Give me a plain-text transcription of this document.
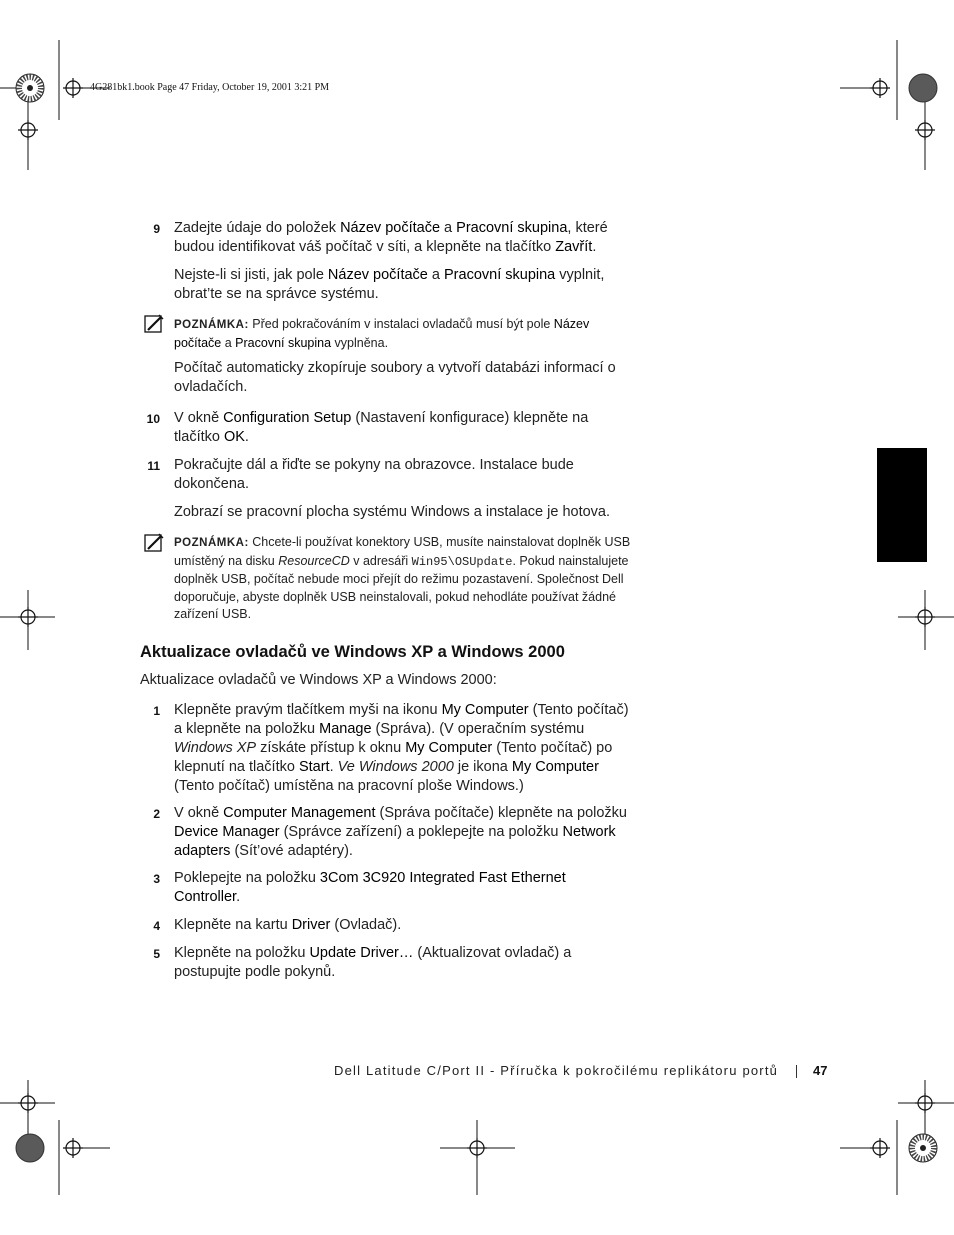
4G281bk1.book Page 47 Friday, October 19, 2001 3:21 PM
9 Zadejte údaje do položek Název počítače a Pracovní skupina, které budou identifikovat váš počítač v síti, a klepněte na tlačítko Zavřít.
Nejste-li si jisti, jak pole Název počítače a Pracovní skupina vyplnit, obrat’te se na správce systému.
POZNÁMKA: Před pokračováním v instalaci ovladačů musí být pole Název počítače a Pracovní skupina vyplněna.
Počítač automaticky zkopíruje soubory a vytvoří databázi informací o ovladačích.
10 V okně Configuration Setup (Nastavení konfigurace) klepněte na tlačítko OK.
11 Pokračujte dál a řiďte se pokyny na obrazovce. Instalace bude dokončena.
Zobrazí se pracovní plocha systému Windows a instalace je hotova.
POZNÁMKA: Chcete-li používat konektory USB, musíte nainstalovat doplněk USB umístěný na disku ResourceCD v adresáři Win95\OSUpdate. Pokud nainstalujete doplněk USB, počítač nebude moci přejít do režimu pozastavení. Společnost Dell doporučuje, abyste doplněk USB neinstalovali, pokud nehodláte používat žádné zařízení USB.
Aktualizace ovladačů ve Windows XP a Windows 2000
Aktualizace ovladačů ve Windows XP a Windows 2000:
1 Klepněte pravým tlačítkem myši na ikonu My Computer (Tento počítač) a klepněte na položku Manage (Správa). (V operačním systému Windows XP získáte přístup k oknu My Computer (Tento počítač) po klepnutí na tlačítko Start. Ve Windows 2000 je ikona My Computer (Tento počítač) umístěna na pracovní ploše Windows.)
2 V okně Computer Management (Správa počítače) klepněte na položku Device Manager (Správce zařízení) a poklepejte na položku Network adapters (Sít’ové adaptéry).
3 Poklepejte na položku 3Com 3C920 Integrated Fast Ethernet Controller.
4 Klepněte na kartu Driver (Ovladač).
5 Klepněte na položku Update Driver… (Aktualizovat ovladač) a postupujte podle pokynů.
Dell Latitude C/Port II - Příručka k pokročilému replikátoru portů	47
